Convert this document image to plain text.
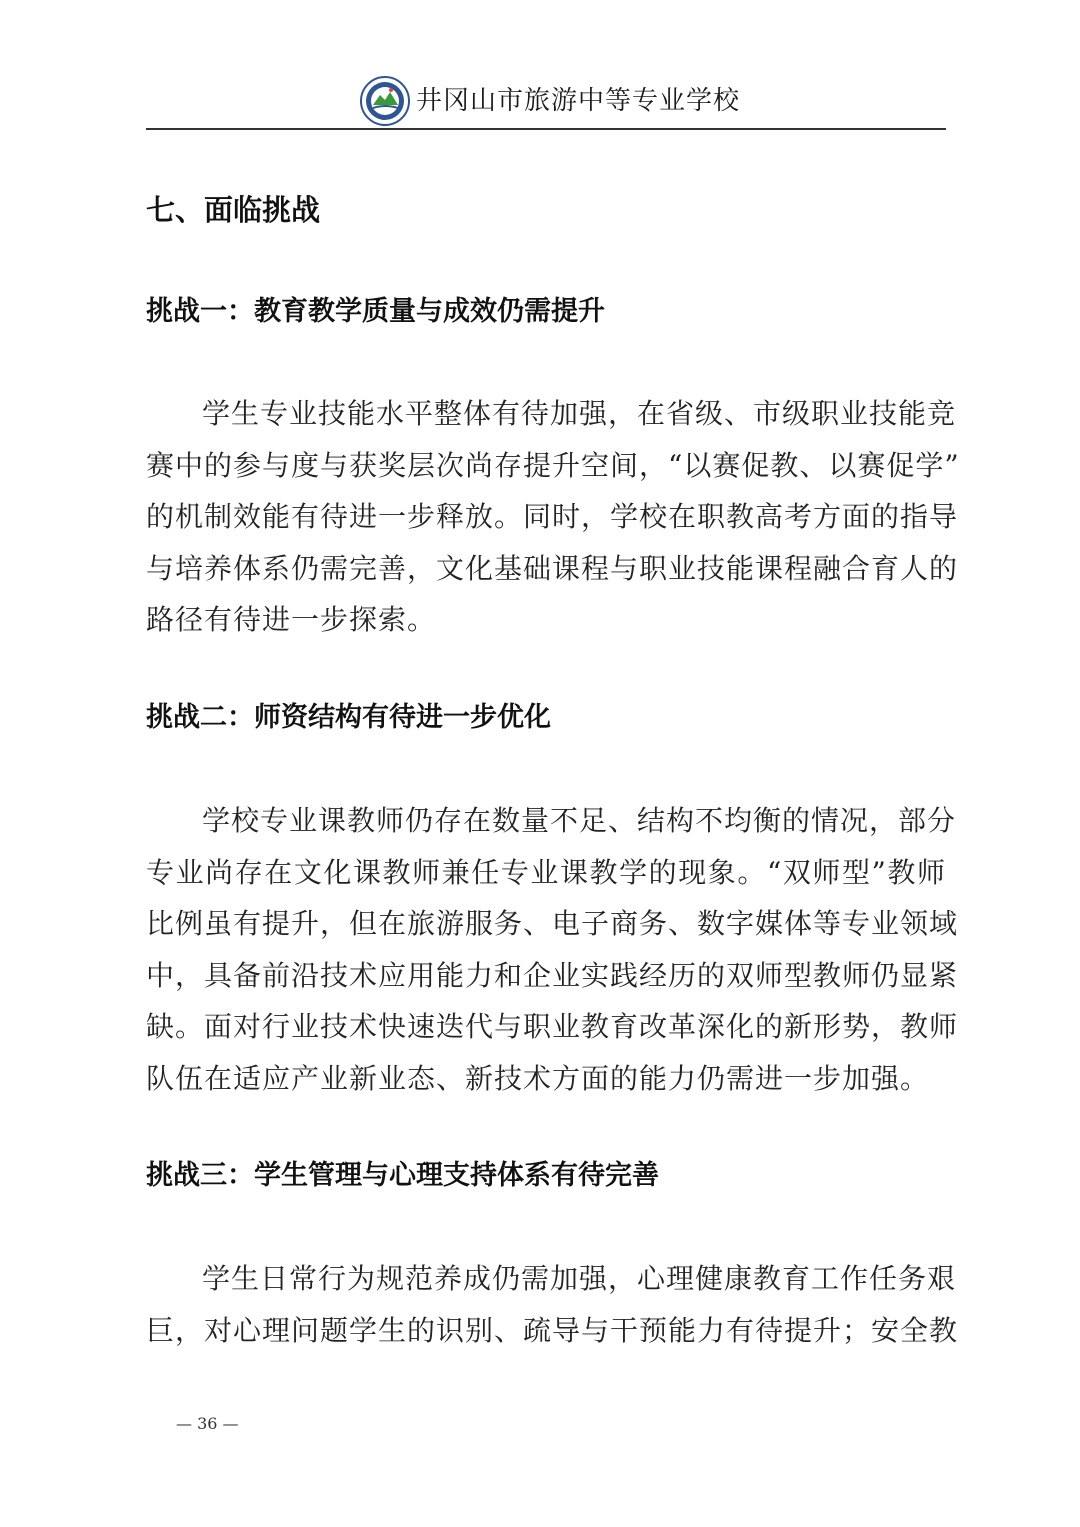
井冈山市旅游中等专业学校
七、面临挑战
挑战一：教育教学质量与成效仍需提升
学生专业技能水平整体有待加强，在省级、市级职业技能竞
赛中的参与度与获奖层次尚存提升空间，“以赛促教、以赛促学”
的机制效能有待进一步释放。同时，学校在职教高考方面的指导
与培养体系仍需完善，文化基础课程与职业技能课程融合育人的
路径有待进一步探索。
挑战二：师资结构有待进一步优化
学校专业课教师仍存在数量不足、结构不均衡的情况，部分
专业尚存在文化课教师兼任专业课教学的现象。“双师型”教师
比例虽有提升，但在旅游服务、电子商务、数字媒体等专业领域
中，具备前沿技术应用能力和企业实践经历的双师型教师仍显紧
缺。面对行业技术快速迭代与职业教育改革深化的新形势，教师
队伍在适应产业新业态、新技术方面的能力仍需进一步加强。
挑战三：学生管理与心理支持体系有待完善
学生日常行为规范养成仍需加强，心理健康教育工作任务艰
巨，对心理问题学生的识别、疏导与干预能力有待提升；安全教
— 36 —
